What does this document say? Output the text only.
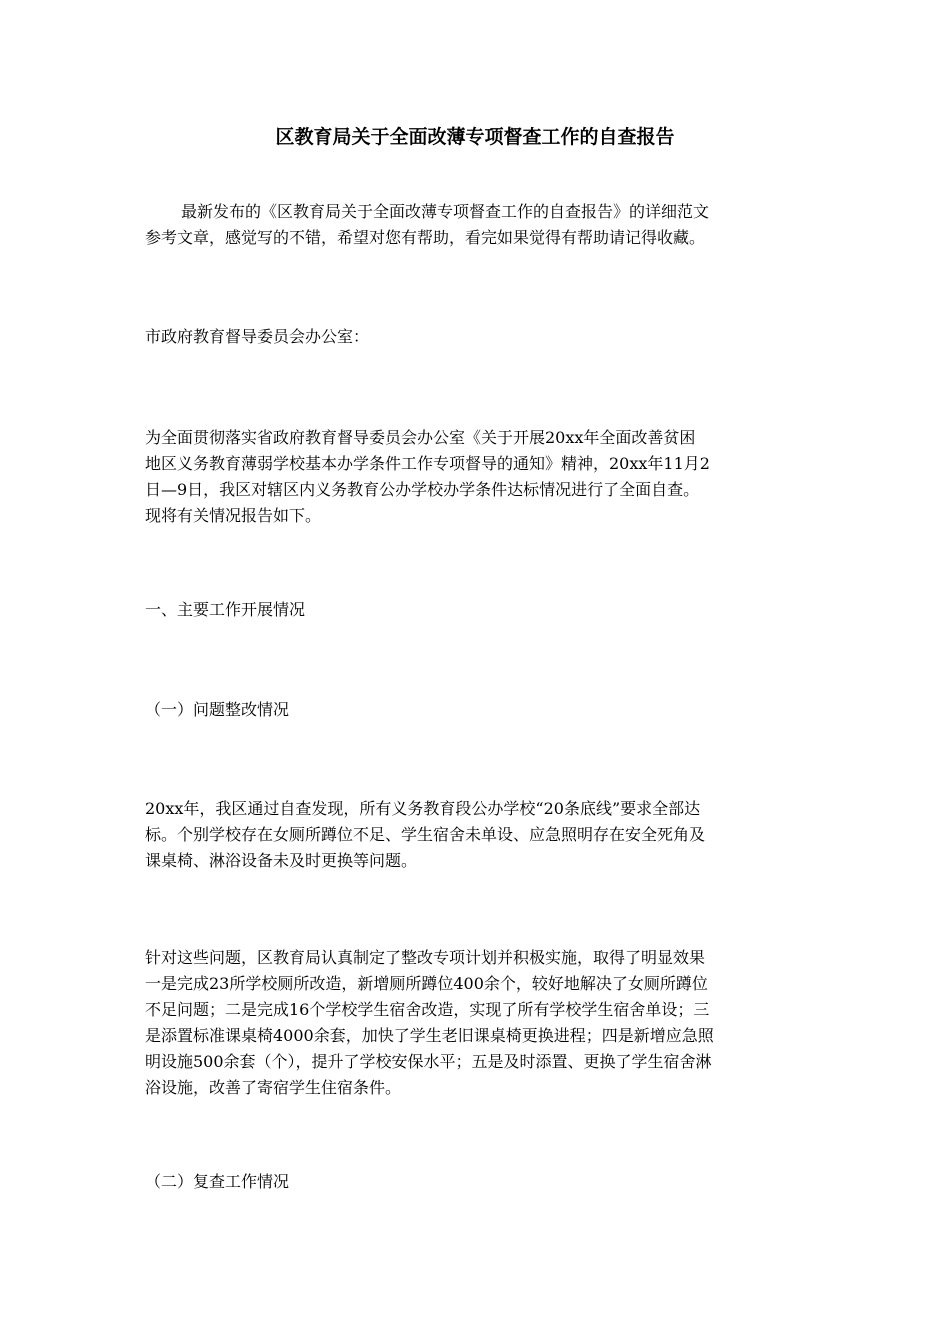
区教育局关于全面改薄专项督查工作的自查报告

最新发布的《区教育局关于全面改薄专项督查工作的自查报告》的详细范文
参考文章，感觉写的不错，希望对您有帮助，看完如果觉得有帮助请记得收藏。

市政府教育督导委员会办公室：

为全面贯彻落实省政府教育督导委员会办公室《关于开展20xx年全面改善贫困
地区义务教育薄弱学校基本办学条件工作专项督导的通知》精神，20xx年11月2
日—9日，我区对辖区内义务教育公办学校办学条件达标情况进行了全面自查。
现将有关情况报告如下。

一、主要工作开展情况

（一）问题整改情况

20xx年，我区通过自查发现，所有义务教育段公办学校“20条底线”要求全部达
标。个别学校存在女厕所蹲位不足、学生宿舍未单设、应急照明存在安全死角及
课桌椅、淋浴设备未及时更换等问题。

针对这些问题，区教育局认真制定了整改专项计划并积极实施，取得了明显效果
一是完成23所学校厕所改造，新增厕所蹲位400余个，较好地解决了女厕所蹲位
不足问题；二是完成16个学校学生宿舍改造，实现了所有学校学生宿舍单设；三
是添置标准课桌椅4000余套，加快了学生老旧课桌椅更换进程；四是新增应急照
明设施500余套（个），提升了学校安保水平；五是及时添置、更换了学生宿舍淋
浴设施，改善了寄宿学生住宿条件。

（二）复查工作情况
